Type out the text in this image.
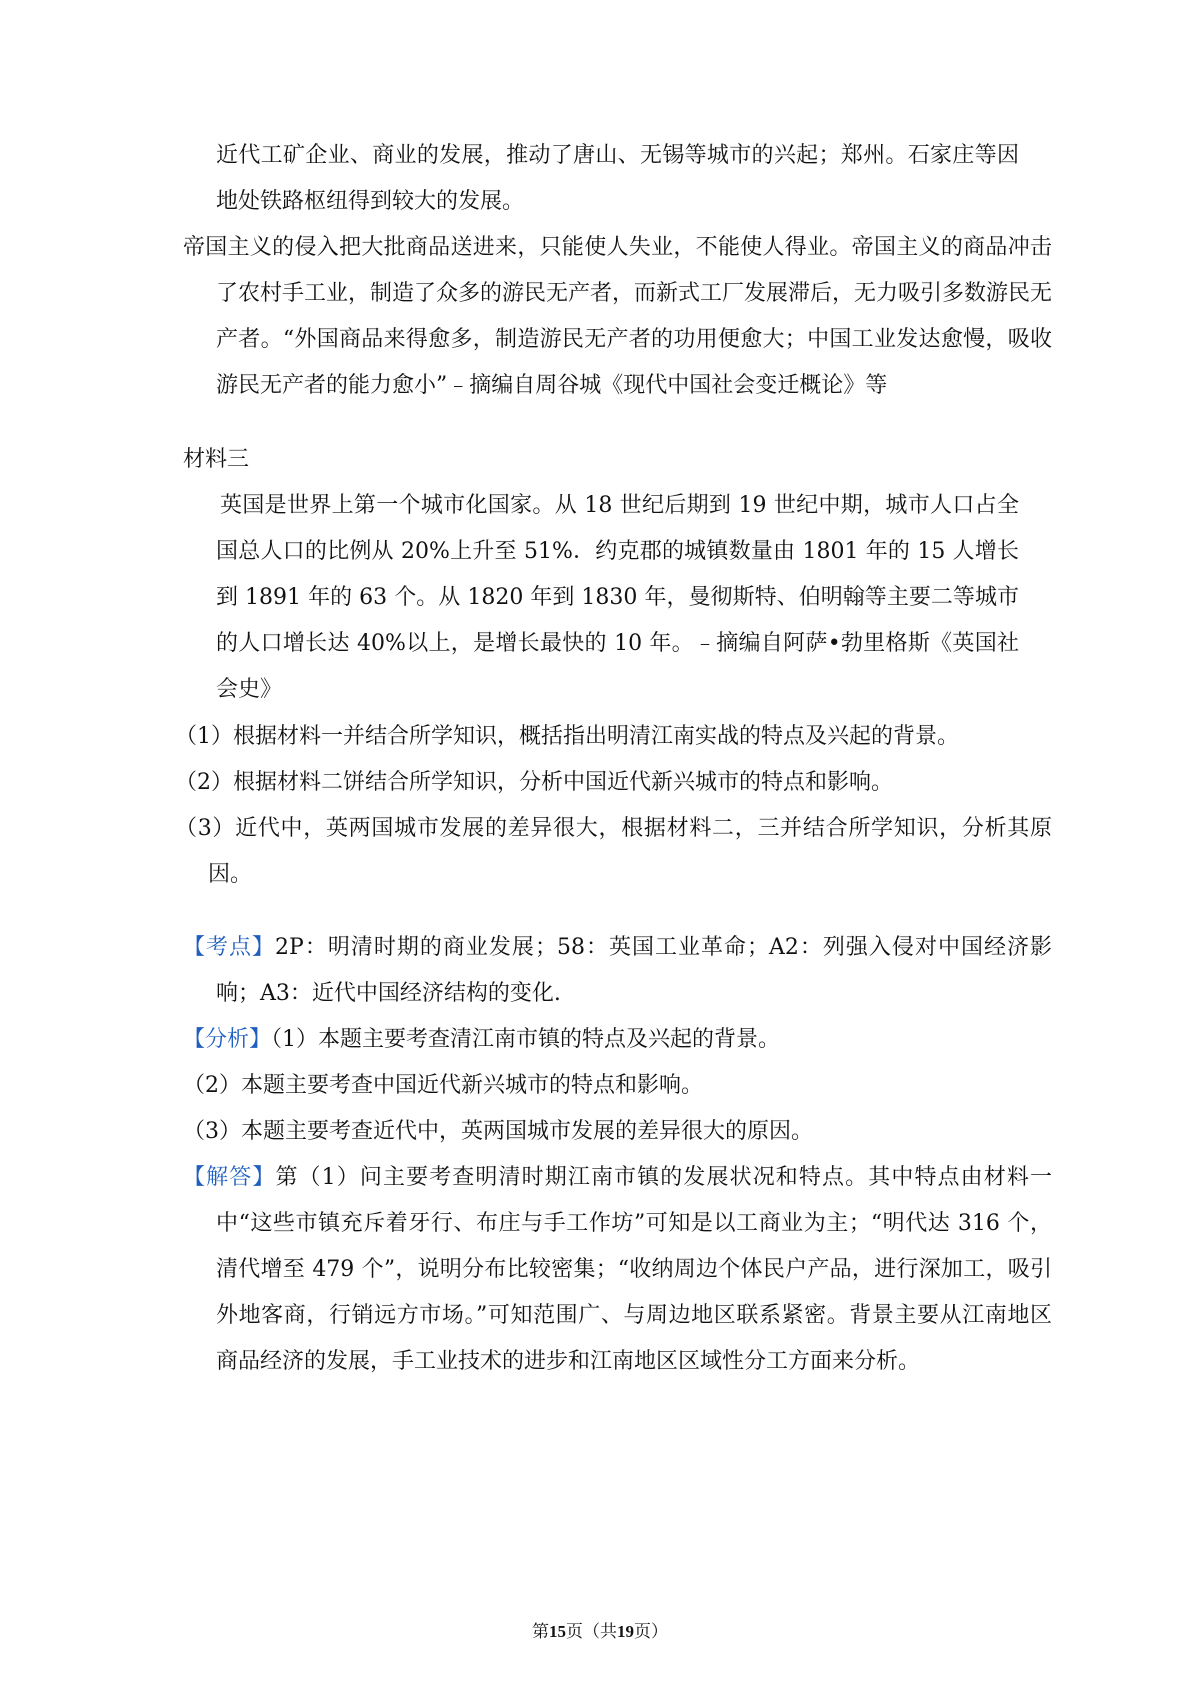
近代工矿企业、商业的发展，推动了唐山、无锡等城市的兴起；郑州。石家庄等因地处铁路枢纽得到较大的发展。
帝国主义的侵入把大批商品送进来，只能使人失业，不能使人得业。帝国主义的商品冲击了农村手工业，制造了众多的游民无产者，而新式工厂发展滞后，无力吸引多数游民无产者。“外国商品来得愈多，制造游民无产者的功用便愈大；中国工业发达愈慢，吸收游民无产者的能力愈小”﹣摘编自周谷城《现代中国社会变迁概论》等
材料三
英国是世界上第一个城市化国家。从 18 世纪后期到 19 世纪中期，城市人口占全国总人口的比例从 20%上升至 51%．约克郡的城镇数量由 1801 年的 15 人增长到 1891 年的 63 个。从 1820 年到 1830 年，曼彻斯特、伯明翰等主要二等城市的人口增长达 40%以上，是增长最快的 10 年。﹣摘编自阿萨•勃里格斯《英国社会史》
（1）根据材料一并结合所学知识，概括指出明清江南实战的特点及兴起的背景。
（2）根据材料二饼结合所学知识，分析中国近代新兴城市的特点和影响。
（3）近代中，英两国城市发展的差异很大，根据材料二，三并结合所学知识，分析其原因。
【考点】2P：明清时期的商业发展；58：英国工业革命；A2：列强入侵对中国经济影响；A3：近代中国经济结构的变化.
【分析】（1）本题主要考查清江南市镇的特点及兴起的背景。
（2）本题主要考查中国近代新兴城市的特点和影响。
（3）本题主要考查近代中，英两国城市发展的差异很大的原因。
【解答】第（1）问主要考查明清时期江南市镇的发展状况和特点。其中特点由材料一中“这些市镇充斥着牙行、布庄与手工作坊”可知是以工商业为主；“明代达 316 个，清代增至 479 个”，说明分布比较密集；“收纳周边个体民户产品，进行深加工，吸引外地客商，行销远方市场。”可知范围广、与周边地区联系紧密。背景主要从江南地区商品经济的发展，手工业技术的进步和江南地区区域性分工方面来分析。
第15页（共19页）
